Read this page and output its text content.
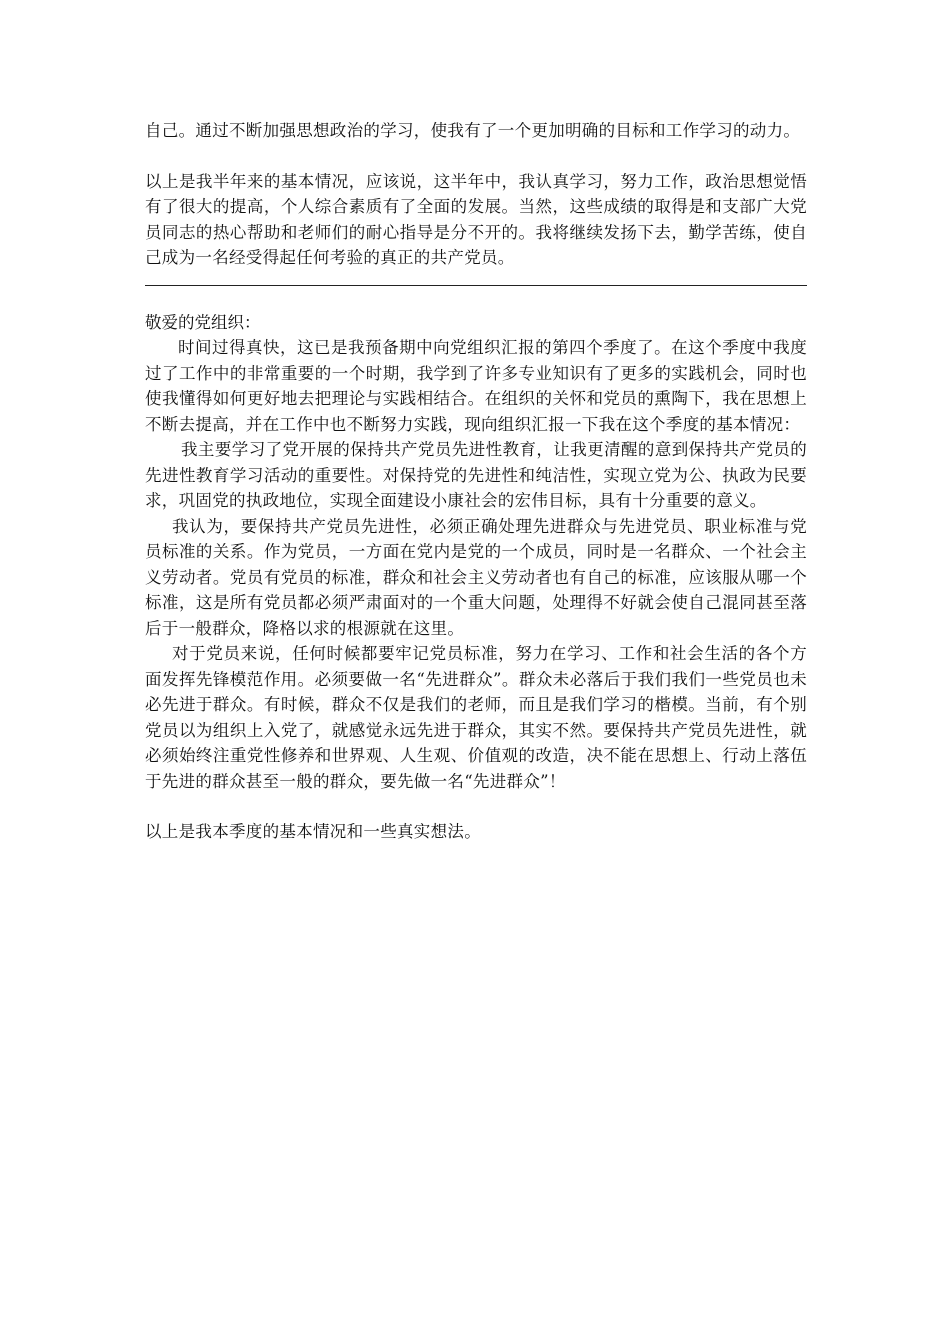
自己。通过不断加强思想政治的学习，使我有了一个更加明确的目标和工作学习的动力。

以上是我半年来的基本情况，应该说，这半年中，我认真学习，努力工作，政治思想觉悟有了很大的提高，个人综合素质有了全面的发展。当然，这些成绩的取得是和支部广大党员同志的热心帮助和老师们的耐心指导是分不开的。我将继续发扬下去，勤学苦练，使自己成为一名经受得起任何考验的真正的共产党员。

敬爱的党组织：

时间过得真快，这已是我预备期中向党组织汇报的第四个季度了。在这个季度中我度过了工作中的非常重要的一个时期，我学到了许多专业知识有了更多的实践机会，同时也使我懂得如何更好地去把理论与实践相结合。在组织的关怀和党员的熏陶下，我在思想上不断去提高，并在工作中也不断努力实践，现向组织汇报一下我在这个季度的基本情况：

我主要学习了党开展的保持共产党员先进性教育，让我更清醒的意到保持共产党员的先进性教育学习活动的重要性。对保持党的先进性和纯洁性，实现立党为公、执政为民要求，巩固党的执政地位，实现全面建设小康社会的宏伟目标，具有十分重要的意义。

我认为，要保持共产党员先进性，必须正确处理先进群众与先进党员、职业标准与党员标准的关系。作为党员，一方面在党内是党的一个成员，同时是一名群众、一个社会主义劳动者。党员有党员的标准，群众和社会主义劳动者也有自己的标准，应该服从哪一个标准，这是所有党员都必须严肃面对的一个重大问题，处理得不好就会使自己混同甚至落后于一般群众，降格以求的根源就在这里。

对于党员来说，任何时候都要牢记党员标准，努力在学习、工作和社会生活的各个方面发挥先锋模范作用。必须要做一名“先进群众”。群众未必落后于我们我们一些党员也未必先进于群众。有时候，群众不仅是我们的老师，而且是我们学习的楷模。当前，有个别党员以为组织上入党了，就感觉永远先进于群众，其实不然。要保持共产党员先进性，就必须始终注重党性修养和世界观、人生观、价值观的改造，决不能在思想上、行动上落伍于先进的群众甚至一般的群众，要先做一名“先进群众”！

以上是我本季度的基本情况和一些真实想法。
